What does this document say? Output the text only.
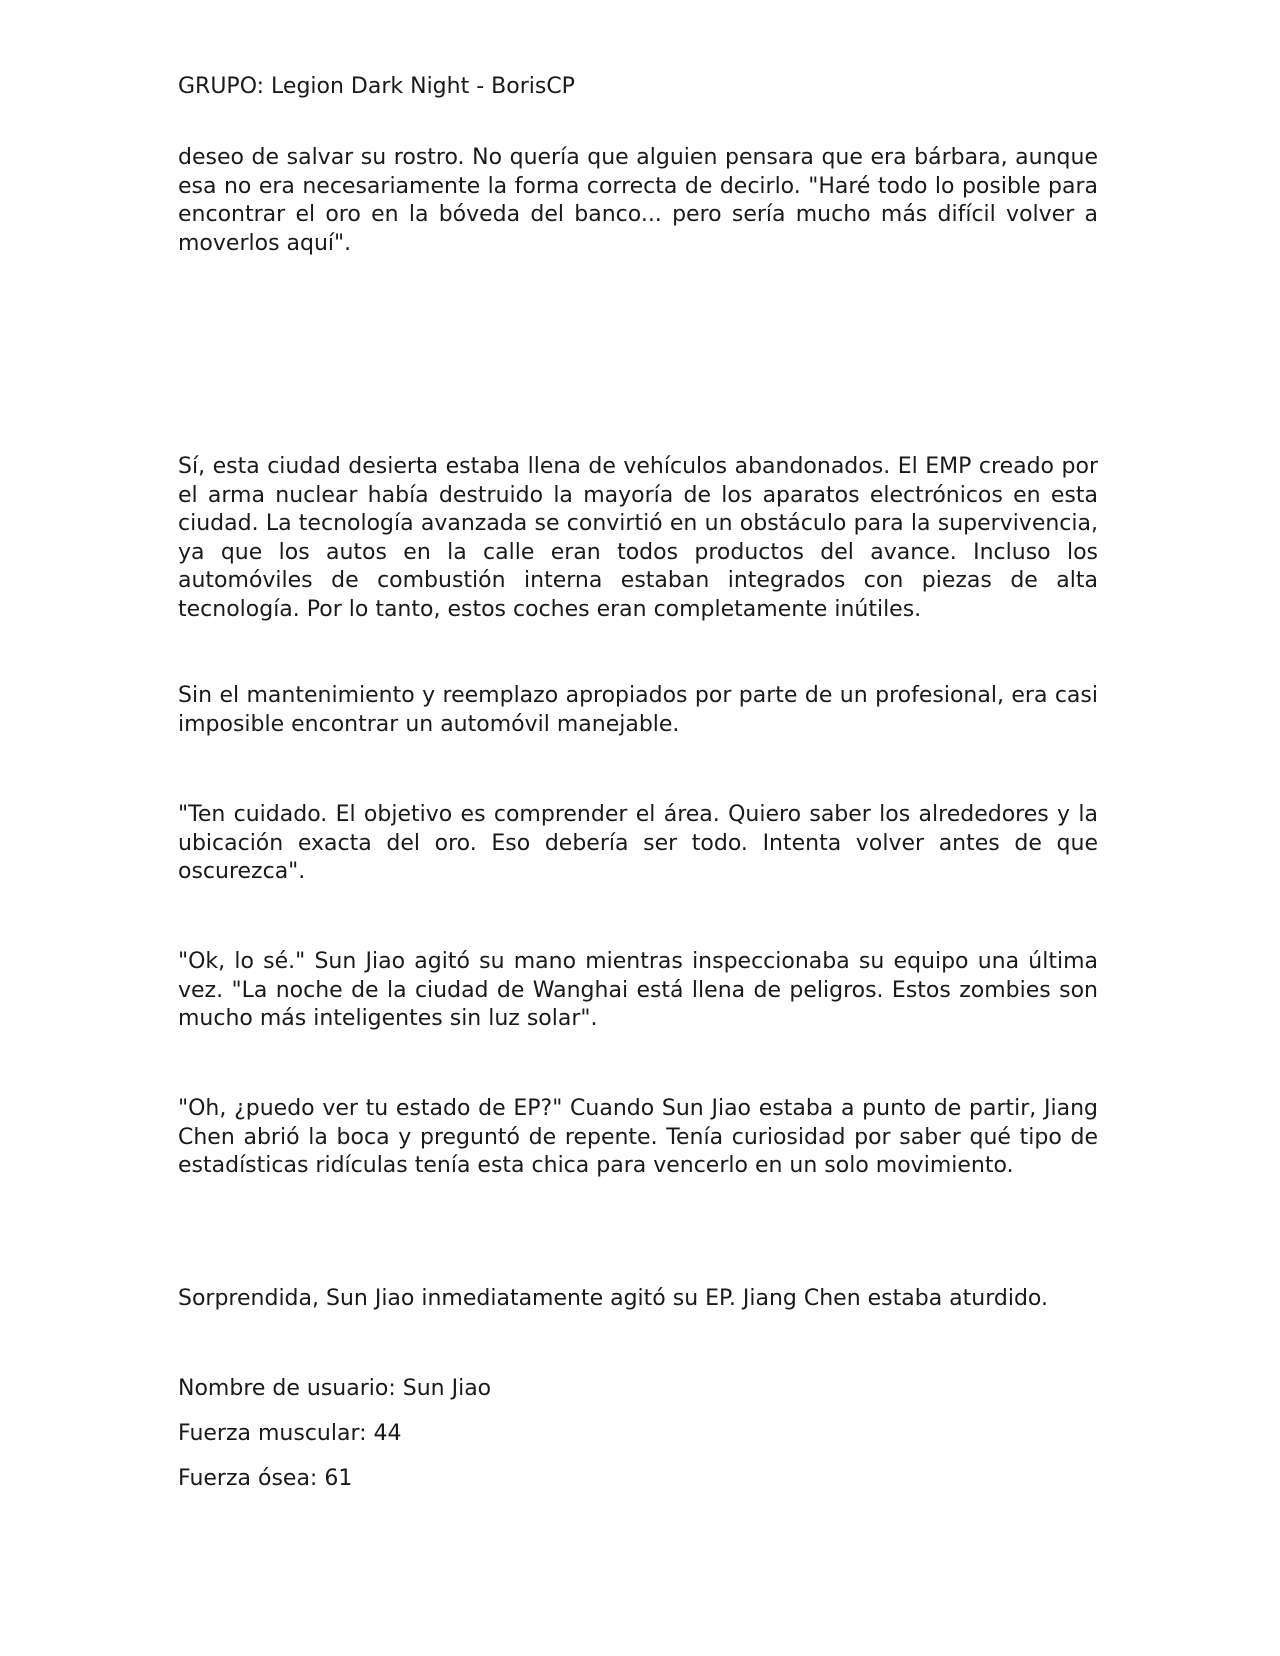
GRUPO: Legion Dark Night - BorisCP

deseo de salvar su rostro. No quería que alguien pensara que era bárbara, aunque esa no era necesariamente la forma correcta de decirlo. "Haré todo lo posible para encontrar el oro en la bóveda del banco... pero sería mucho más difícil volver a moverlos aquí".

Sí, esta ciudad desierta estaba llena de vehículos abandonados. El EMP creado por el arma nuclear había destruido la mayoría de los aparatos electrónicos en esta ciudad. La tecnología avanzada se convirtió en un obstáculo para la supervivencia, ya que los autos en la calle eran todos productos del avance. Incluso los automóviles de combustión interna estaban integrados con piezas de alta tecnología. Por lo tanto, estos coches eran completamente inútiles.

Sin el mantenimiento y reemplazo apropiados por parte de un profesional, era casi imposible encontrar un automóvil manejable.

"Ten cuidado. El objetivo es comprender el área. Quiero saber los alrededores y la ubicación exacta del oro. Eso debería ser todo. Intenta volver antes de que oscurezca".

"Ok, lo sé." Sun Jiao agitó su mano mientras inspeccionaba su equipo una última vez. "La noche de la ciudad de Wanghai está llena de peligros. Estos zombies son mucho más inteligentes sin luz solar".

"Oh, ¿puedo ver tu estado de EP?" Cuando Sun Jiao estaba a punto de partir, Jiang Chen abrió la boca y preguntó de repente. Tenía curiosidad por saber qué tipo de estadísticas ridículas tenía esta chica para vencerlo en un solo movimiento.

Sorprendida, Sun Jiao inmediatamente agitó su EP. Jiang Chen estaba aturdido.

Nombre de usuario: Sun Jiao

Fuerza muscular: 44

Fuerza ósea: 61
